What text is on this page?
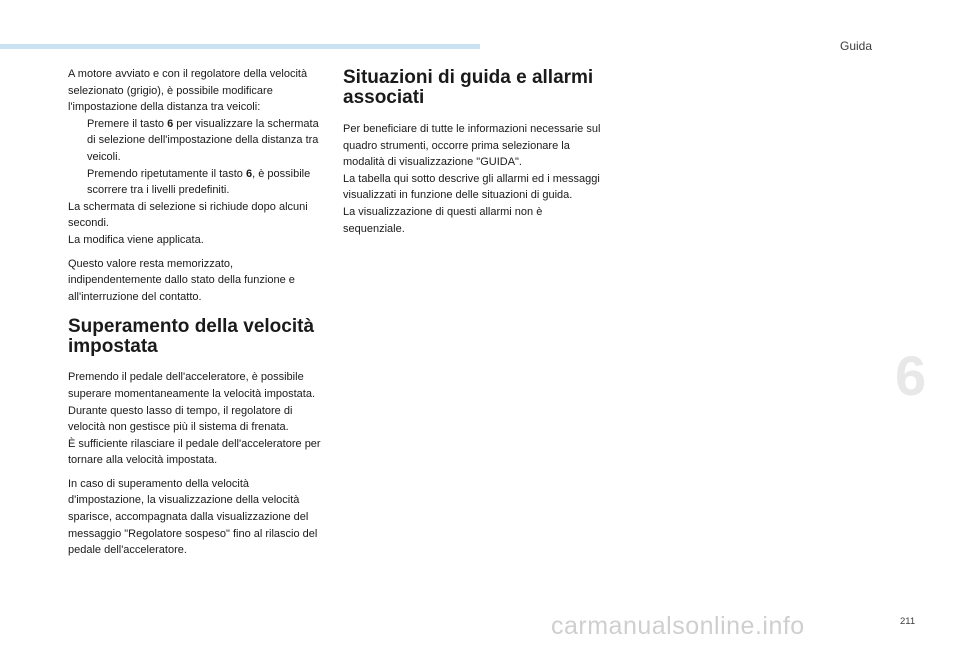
Guida
6

A motore avviato e con il regolatore della velocità selezionato (grigio), è possibile modificare l'impostazione della distanza tra veicoli:

Premere il tasto 6 per visualizzare la schermata di selezione dell'impostazione della distanza tra veicoli.
Premendo ripetutamente il tasto 6, è possibile scorrere tra i livelli predefiniti.

La schermata di selezione si richiude dopo alcuni secondi.

La modifica viene applicata.

Questo valore resta memorizzato, indipendentemente dallo stato della funzione e all'interruzione del contatto.

Superamento della velocità impostata

Premendo il pedale dell'acceleratore, è possibile superare momentaneamente la velocità impostata.

Durante questo lasso di tempo, il regolatore di velocità non gestisce più il sistema di frenata.

È sufficiente rilasciare il pedale dell'acceleratore per tornare alla velocità impostata.

In caso di superamento della velocità d'impostazione, la visualizzazione della velocità sparisce, accompagnata dalla visualizzazione del messaggio "Regolatore sospeso" fino al rilascio del pedale dell'acceleratore.

Situazioni di guida e allarmi associati

Per beneficiare di tutte le informazioni necessarie sul quadro strumenti, occorre prima selezionare la modalità di visualizzazione "GUIDA".

La tabella qui sotto descrive gli allarmi ed i messaggi visualizzati in funzione delle situazioni di guida.

La visualizzazione di questi allarmi non è sequenziale.

211
carmanualsonline.info
